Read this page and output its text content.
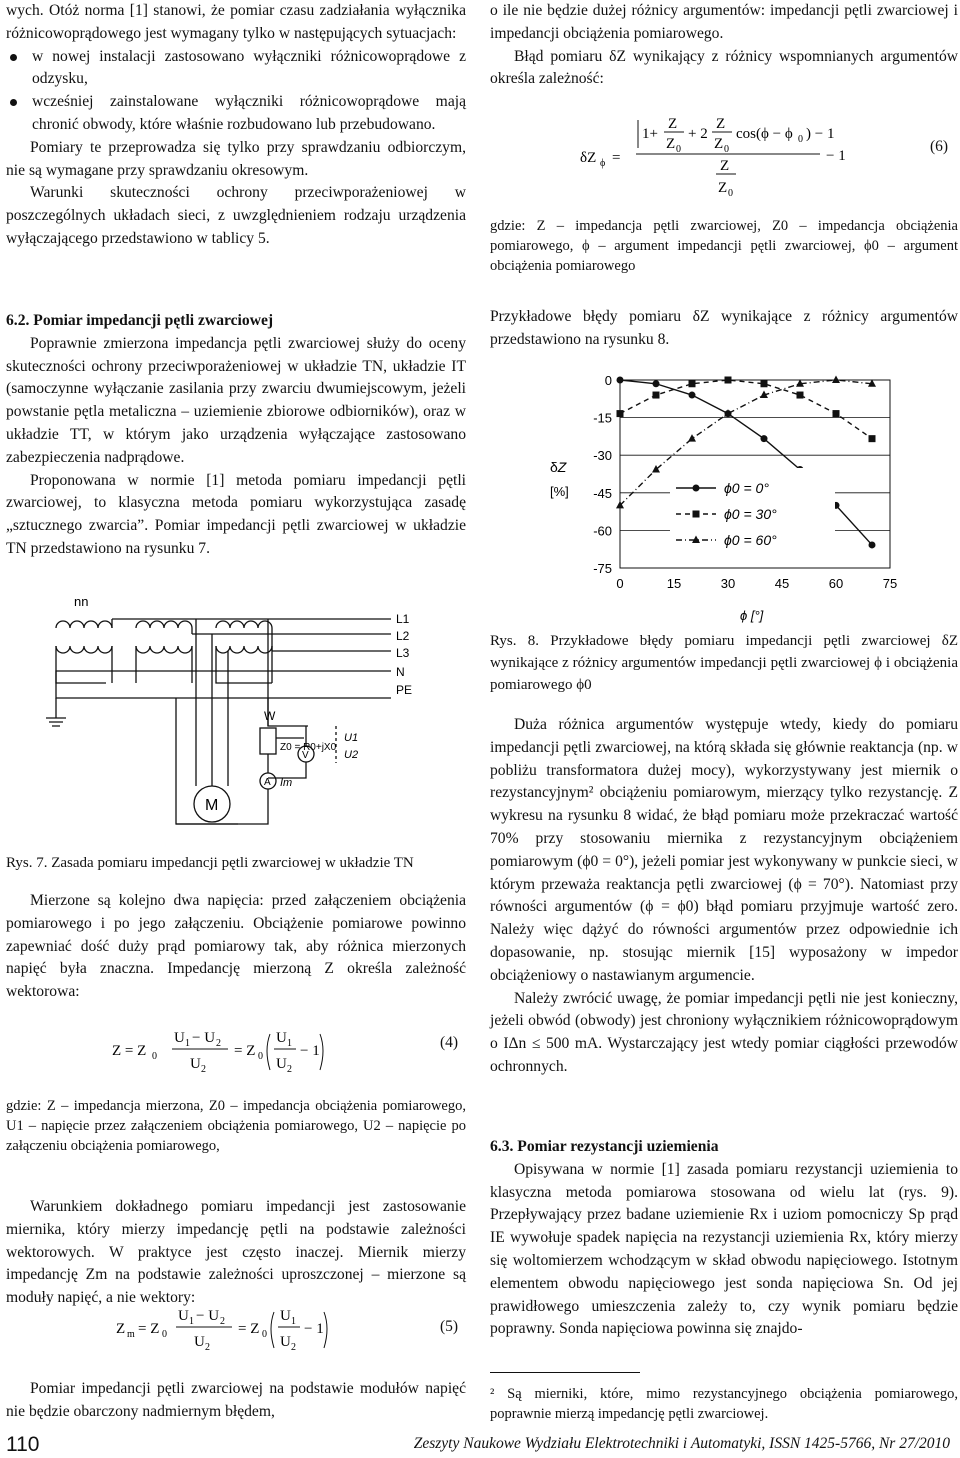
wych. Otóż norma [1] stanowi, że pomiar czasu zadziałania wyłącznika różnicowoprądowego jest wymagany tylko w następujących sytuacjach:

w nowej instalacji zastosowano wyłączniki różnicowoprądowe z odzysku,
wcześniej zainstalowane wyłączniki różnicowoprądowe mają chronić obwody, które właśnie rozbudowano lub przebudowano.

Pomiary te przeprowadza się tylko przy sprawdzaniu odbiorczym, nie są wymagane przy sprawdzaniu okresowym.

Warunki skuteczności ochrony przeciwporażeniowej w poszczególnych układach sieci, z uwzględnieniem rodzaju urządzenia wyłączającego przedstawiono w tablicy 5.

6.2. Pomiar impedancji pętli zwarciowej

Poprawnie zmierzona impedancja pętli zwarciowej służy do oceny skuteczności ochrony przeciwporażeniowej w układzie TN, układzie IT (samoczynne wyłączanie zasilania przy zwarciu dwumiejscowym, jeżeli powstanie pętla metaliczna – uziemienie zbiorowe odbiorników), oraz w układzie TT, w którym jako urządzenia wyłączające zastosowano zabezpieczenia nadprądowe.

Proponowana w normie [1] metoda pomiaru impedancji pętli zwarciowej, to klasyczna metoda pomiaru wykorzystująca zasadę „sztucznego zwarcia”. Pomiar impedancji pętli zwarciowej w układzie TN przedstawiono na rysunku 7.

nn
L1
L2
L3
N
PE
M
W
Z0 = R0+jX0
V
A Im
U1
U2
Rys. 7. Zasada pomiaru impedancji pętli zwarciowej w układzie TN

Mierzone są kolejno dwa napięcia: przed załączeniem obciążenia pomiarowego i po jego załączeniu. Obciążenie pomiarowe powinno zapewniać dość duży prąd pomiarowy tak, aby różnica mierzonych napięć była znaczna. Impedancję mierzoną Z określa zależność wektorowa:

Z = Z 0
U 1 − U 2
U 2
= Z 0
U 1
U 2
− 1	(4)
gdzie: Z – impedancja mierzona, Z0 – impedancja obciążenia pomiarowego, U1 – napięcie przez załączeniem obciążenia pomiarowego, U2 – napięcie po załączeniu obciążenia pomiarowego,

Warunkiem dokładnego pomiaru impedancji jest zastosowanie miernika, który mierzy impedancję pętli na podstawie zależności wektorowych. W praktyce jest często inaczej. Miernik mierzy impedancję Zm na podstawie zależności uproszczonej – mierzone są moduły napięć, a nie wektory:

Z m = Z 0
U 1 − U 2
U 2
= Z 0
U 1
U 2
− 1	(5)

Pomiar impedancji pętli zwarciowej na podstawie modułów napięć nie będzie obarczony nadmiernym błędem,

o ile nie będzie dużej różnicy argumentów: impedancji pętli zwarciowej i impedancji obciążenia pomiarowego.

Błąd pomiaru δZ wynikający z różnicy wspomnianych argumentów określa zależność:

δZ ϕ =
1+
Z
Z 0
+ 2
Z
Z 0
cos(ϕ − ϕ 0 ) − 1
− 1
Z
Z 0
(6)
gdzie: Z – impedancja pętli zwarciowej, Z0 – impedancja obciążenia pomiarowego, ϕ – argument impedancji pętli zwarciowej, ϕ0 – argument obciążenia pomiarowego

Przykładowe błędy pomiaru δZ wynikające z różnicy argumentów przedstawiono na rysunku 8.

0
-15
-30
-45
-60
-75
0	15	30	45	60	75
δZ
[%]
ϕ [°]
ϕ0 = 0°
ϕ0 = 30°
ϕ0 = 60°
Rys. 8. Przykładowe błędy pomiaru impedancji pętli zwarciowej δZ wynikające z różnicy argumentów impedancji pętli zwarciowej ϕ i obciążenia pomiarowego ϕ0

Duża różnica argumentów występuje wtedy, kiedy do pomiaru impedancji pętli zwarciowej, na którą składa się głównie reaktancja (np. w pobliżu transformatora dużej mocy), wykorzystywany jest miernik o rezystancyjnym² obciążeniu pomiarowym, mierzący tylko rezystancję. Z wykresu na rysunku 8 widać, że błąd pomiaru może przekraczać wartość 70% przy stosowaniu miernika z rezystancyjnym obciążeniem pomiarowym (ϕ0 = 0°), jeżeli pomiar jest wykonywany w punkcie sieci, w którym przeważa reaktancja pętli zwarciowej (ϕ = 70°). Natomiast przy równości argumentów (ϕ = ϕ0) błąd pomiaru przyjmuje wartość zero. Należy więc dążyć do równości argumentów przez odpowiednie ich dopasowanie, np. stosując miernik [15] wyposażony w impedor obciążeniowy o nastawianym argumencie.

Należy zwrócić uwagę, że pomiar impedancji pętli nie jest konieczny, jeżeli obwód (obwody) jest chroniony wyłącznikiem różnicowoprądowym o IΔn ≤ 500 mA. Wystarczający jest wtedy pomiar ciągłości przewodów ochronnych.

6.3. Pomiar rezystancji uziemienia

Opisywana w normie [1] zasada pomiaru rezystancji uziemienia to klasyczna metoda pomiarowa stosowana od wielu lat (rys. 9). Przepływający przez badane uziemienie Rx i uziom pomocniczy Sp prąd IE wywołuje spadek napięcia na rezystancji uziemienia Rx, który mierzy się woltomierzem wchodzącym w skład obwodu napięciowego. Istotnym elementem obwodu napięciowego jest sonda napięciowa Sn. Od jej prawidłowego umieszczenia zależy to, czy wynik pomiaru będzie poprawny. Sonda napięciowa powinna się znajdo-

² Są mierniki, które, mimo rezystancyjnego obciążenia pomiarowego, poprawnie mierzą impedancję pętli zwarciowej.
110	Zeszyty Naukowe Wydziału Elektrotechniki i Automatyki, ISSN 1425-5766, Nr 27/2010
